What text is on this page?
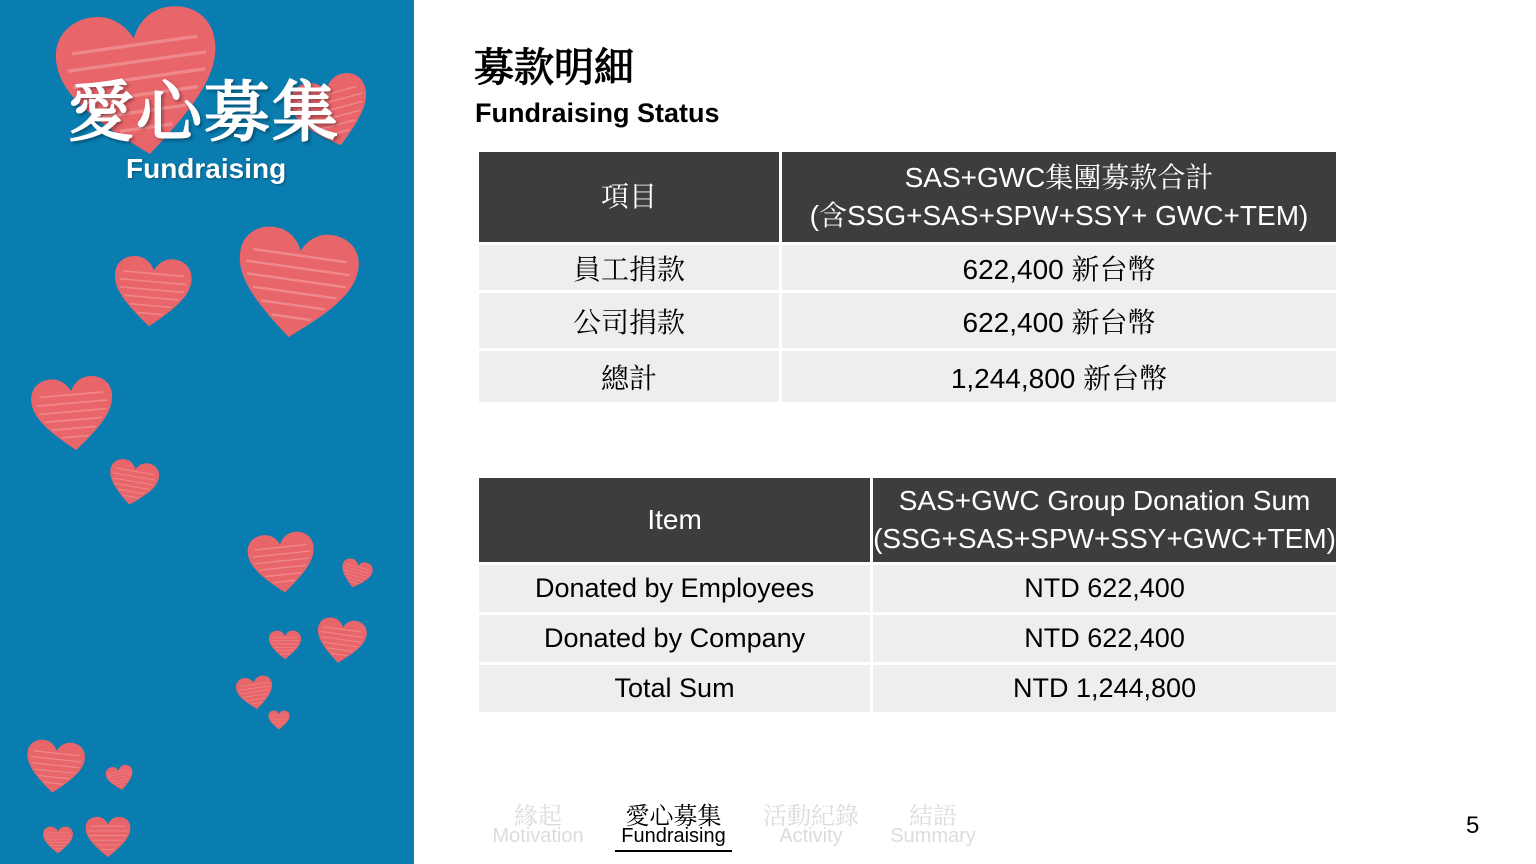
愛心募集
Fundraising
募款明細
Fundraising Status
項目	SAS+GWC集團募款合計
(含SSG+SAS+SPW+SSY+ GWC+TEM)
員工捐款	622,400 新台幣
公司捐款	622,400 新台幣
總計	1,244,800 新台幣
Item	SAS+GWC Group Donation Sum
(SSG+SAS+SPW+SSY+GWC+TEM)
Donated by Employees	NTD 622,400
Donated by Company	NTD 622,400
Total Sum	NTD 1,244,800
緣起
Motivation
愛心募集
Fundraising
活動紀錄
Activity
結語
Summary	5
